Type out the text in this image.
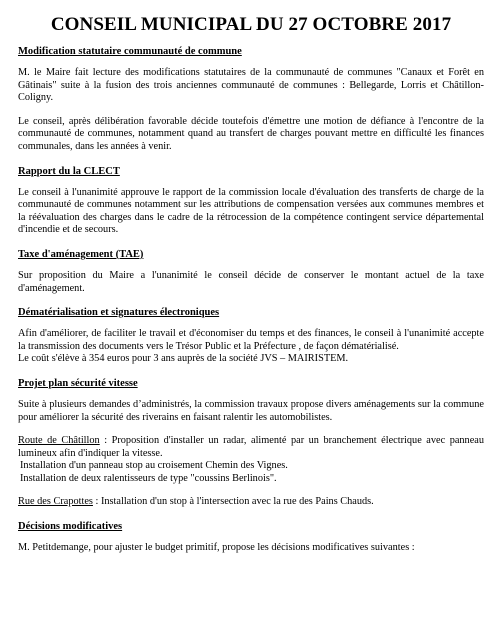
CONSEIL MUNICIPAL DU 27 OCTOBRE 2017
Modification statutaire communauté de commune

M. le Maire fait lecture des modifications statutaires de la communauté de communes "Canaux et Forêt en Gâtinais" suite à la fusion des trois anciennes communauté de communes : Bellegarde, Lorris et Châtillon-Coligny.

Le conseil, après délibération favorable décide toutefois d'émettre une motion de défiance à l'encontre de la communauté de communes, notamment quand au transfert de charges pouvant mettre en difficulté les finances communales, dans les années à venir.

Rapport du la CLECT

Le conseil à l'unanimité approuve le rapport de la commission locale d'évaluation des transferts de charge de la communauté de communes notamment sur les attributions de compensation versées aux communes membres et la réévaluation des charges dans le cadre de la rétrocession de la compétence contingent service départemental d'incendie et de secours.

Taxe d'aménagement (TAE)

Sur proposition du Maire a l'unanimité le conseil décide de conserver le montant actuel de la taxe d'aménagement.

Dématérialisation et signatures électroniques

Afin d'améliorer, de faciliter le travail et d'économiser du temps et des finances, le conseil à l'unanimité accepte la transmission des documents vers le Trésor Public et la Préfecture , de façon dématérialisé.

Le coût s'élève à 354 euros pour 3 ans auprès de la société JVS – MAIRISTEM.

Projet plan sécurité vitesse

Suite à plusieurs demandes d’administrés, la commission travaux propose divers aménagements sur la commune pour améliorer la sécurité des riverains en faisant ralentir les automobilistes.

Route de Châtillon : Proposition d'installer un radar, alimenté par un branchement électrique avec panneau lumineux afin d'indiquer la vitesse.

Installation d'un panneau stop au croisement Chemin des Vignes.

Installation de deux ralentisseurs de type "coussins Berlinois".

Rue des Crapottes : Installation d'un stop à l'intersection avec la rue des Pains Chauds.

Décisions modificatives

M. Petitdemange, pour ajuster le budget primitif, propose les décisions modificatives suivantes :
